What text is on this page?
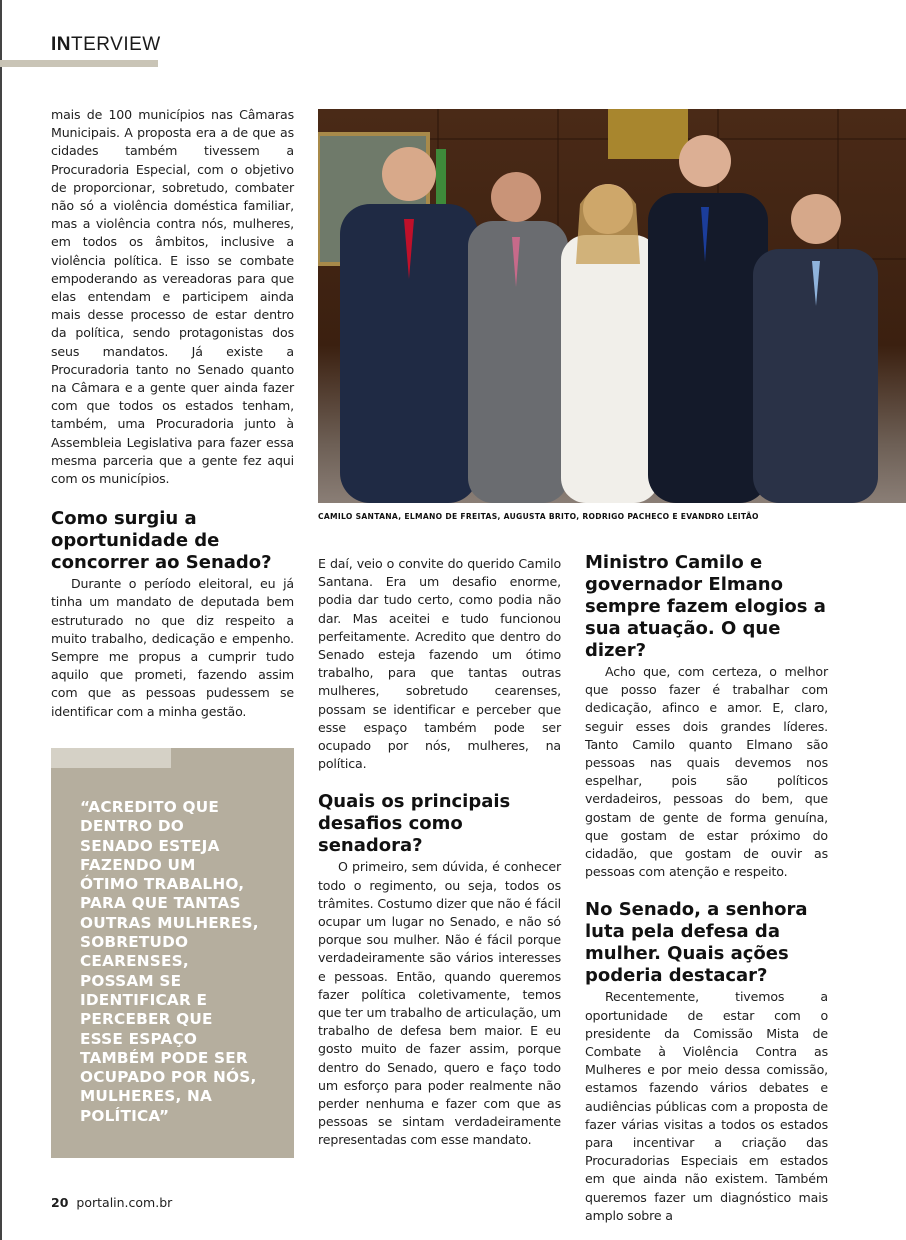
INTERVIEW

mais de 100 municípios nas Câmaras Municipais. A proposta era a de que as cidades também tivessem a Procuradoria Especial, com o objetivo de proporcionar, sobretudo, combater não só a violência doméstica familiar, mas a violência contra nós, mulheres, em todos os âmbitos, inclusive a violência política. E isso se combate empoderando as vereadoras para que elas entendam e participem ainda mais desse processo de estar dentro da política, sendo protagonistas dos seus mandatos. Já existe a Procuradoria tanto no Senado quanto na Câmara e a gente quer ainda fazer com que todos os estados tenham, também, uma Procuradoria junto à Assembleia Legislativa para fazer essa mesma parceria que a gente fez aqui com os municípios.

Como surgiu a oportunidade de concorrer ao Senado?

Durante o período eleitoral, eu já tinha um mandato de deputada bem estruturado no que diz respeito a muito trabalho, dedicação e empenho. Sempre me propus a cumprir tudo aquilo que prometi, fazendo assim com que as pessoas pudessem se identificar com a minha gestão.

CAMILO SANTANA, ELMANO DE FREITAS, AUGUSTA BRITO, RODRIGO PACHECO E EVANDRO LEITÃO
“ACREDITO QUE
DENTRO DO
SENADO ESTEJA
FAZENDO UM
ÓTIMO TRABALHO,
PARA QUE TANTAS
OUTRAS MULHERES,
SOBRETUDO
CEARENSES,
POSSAM SE
IDENTIFICAR E
PERCEBER QUE
ESSE ESPAÇO
TAMBÉM PODE SER
OCUPADO POR NÓS,
MULHERES, NA
POLÍTICA”

E daí, veio o convite do querido Camilo Santana. Era um desafio enorme, podia dar tudo certo, como podia não dar. Mas aceitei e tudo funcionou perfeitamente. Acredito que dentro do Senado esteja fazendo um ótimo trabalho, para que tantas outras mulheres, sobretudo cearenses, possam se identificar e perceber que esse espaço também pode ser ocupado por nós, mulheres, na política.

Quais os principais desafios como senadora?

O primeiro, sem dúvida, é conhecer todo o regimento, ou seja, todos os trâmites. Costumo dizer que não é fácil ocupar um lugar no Senado, e não só porque sou mulher. Não é fácil porque verdadeiramente são vários interesses e pessoas. Então, quando queremos fazer política coletivamente, temos que ter um trabalho de articulação, um trabalho de defesa bem maior. E eu gosto muito de fazer assim, porque dentro do Senado, quero e faço todo um esforço para poder realmente não perder nenhuma e fazer com que as pessoas se sintam verdadeiramente representadas com esse mandato.

Ministro Camilo e governador Elmano sempre fazem elogios a sua atuação. O que dizer?

Acho que, com certeza, o melhor que posso fazer é trabalhar com dedicação, afinco e amor. E, claro, seguir esses dois grandes líderes. Tanto Camilo quanto Elmano são pessoas nas quais devemos nos espelhar, pois são políticos verdadeiros, pessoas do bem, que gostam de gente de forma genuína, que gostam de estar próximo do cidadão, que gostam de ouvir as pessoas com atenção e respeito.

No Senado, a senhora luta pela defesa da mulher. Quais ações poderia destacar?

Recentemente, tivemos a oportunidade de estar com o presidente da Comissão Mista de Combate à Violência Contra as Mulheres e por meio dessa comissão, estamos fazendo vários debates e audiências públicas com a proposta de fazer várias visitas a todos os estados para incentivar a criação das Procuradorias Especiais em estados em que ainda não existem. Também queremos fazer um diagnóstico mais amplo sobre a

20 portalin.com.br
